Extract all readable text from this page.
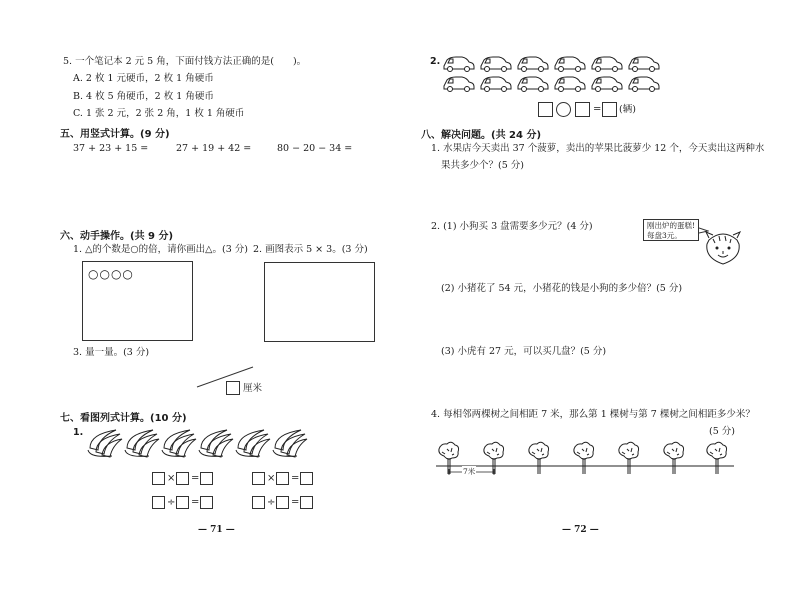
5. 一个笔记本 2 元 5 角，下面付钱方法正确的是(　　)。
A. 2 枚 1 元硬币，2 枚 1 角硬币
B. 4 枚 5 角硬币，2 枚 1 角硬币
C. 1 张 2 元，2 张 2 角，1 枚 1 角硬币
五、用竖式计算。(9 分)
37 + 23 + 15 =	27 + 19 + 42 =	80 − 20 − 34 =
六、动手操作。(共 9 分)
1. △的个数是○的倍，请你画出△。(3 分) 2. 画图表示 5 × 3。(3 分)
○○○○
3. 量一量。(3 分)
厘米
七、看图列式计算。(10 分)
1.
× =
÷ =
× =
÷ =
— 71 —
2.
= (辆)
八、解决问题。(共 24 分)
1. 水果店今天卖出 37 个菠萝，卖出的苹果比菠萝少 12 个，今天卖出这两种水
果共多少个？(5 分)
2. (1) 小狗买 3 盘需要多少元？(4 分)	刚出炉的蛋糕!
每盘3元。
(2) 小猪花了 54 元，小猪花的钱是小狗的多少倍？(5 分)
(3) 小虎有 27 元，可以买几盘？(5 分)
4. 每相邻两棵树之间相距 7 米，那么第 1 棵树与第 7 棵树之间相距多少米？
(5 分)
7米
— 72 —
